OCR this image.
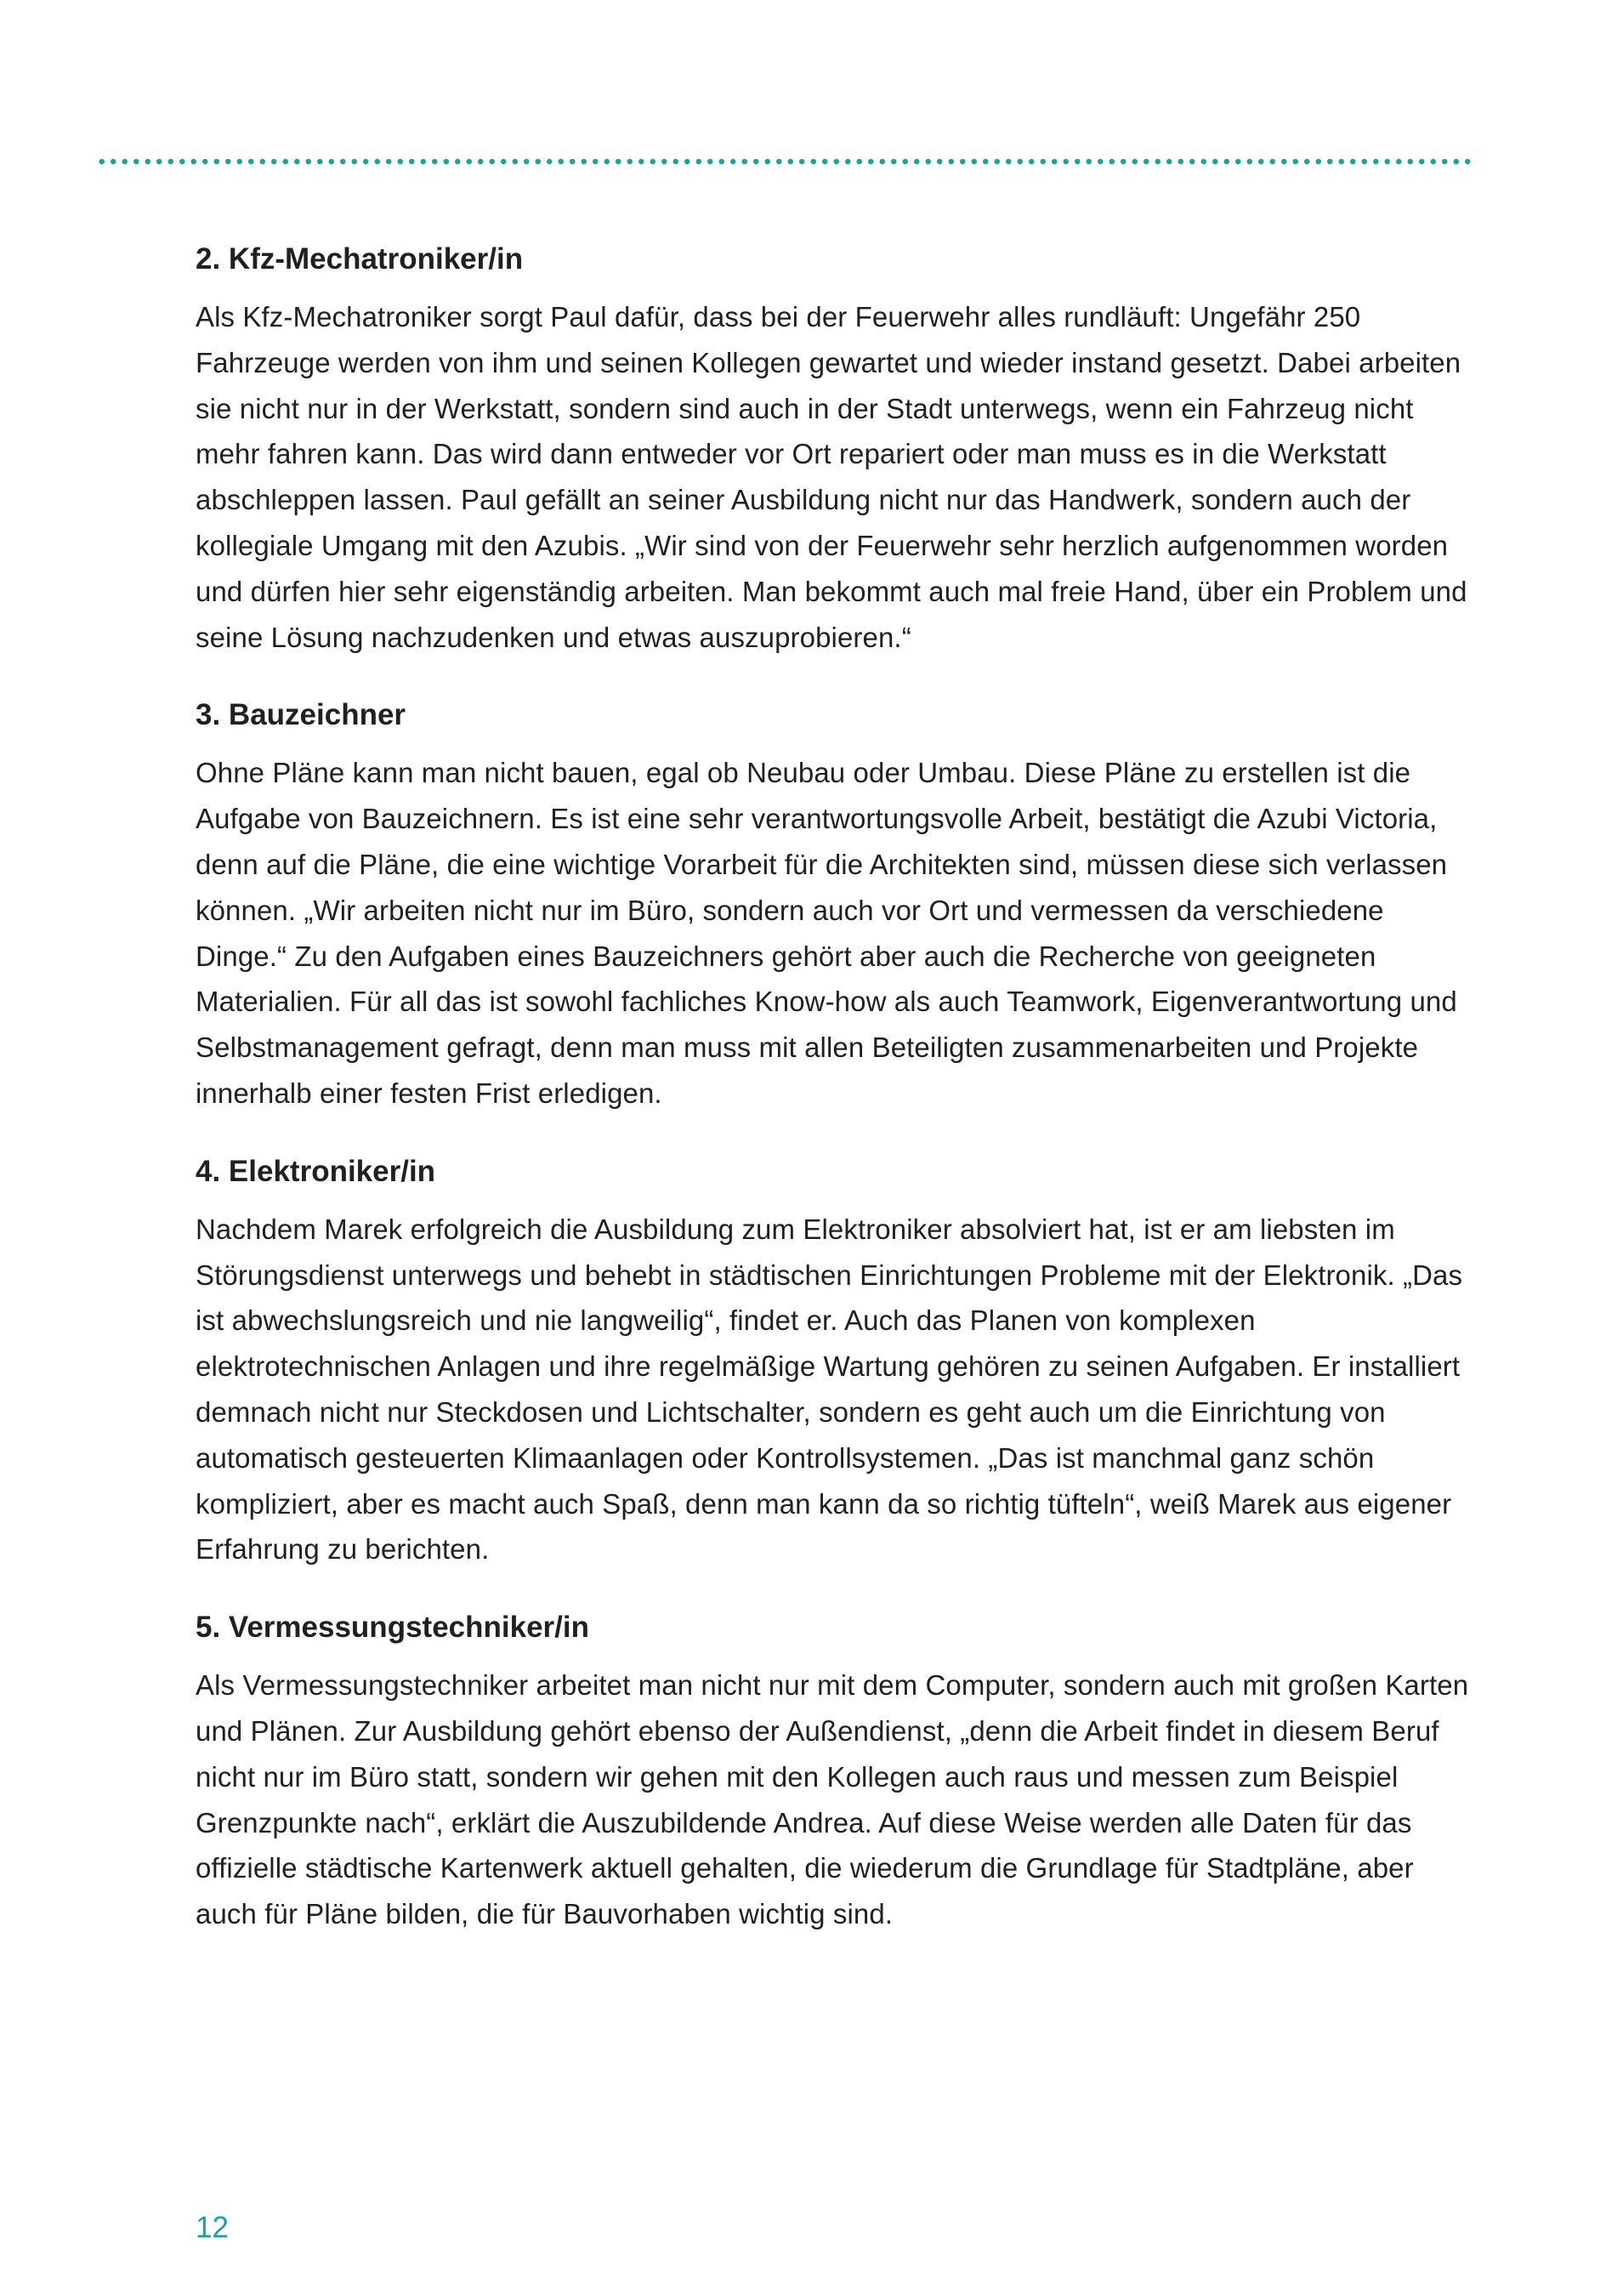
2. Kfz-Mechatroniker/in

Als Kfz-Mechatroniker sorgt Paul dafür, dass bei der Feuerwehr alles rundläuft: Ungefähr 250 Fahrzeuge werden von ihm und seinen Kollegen gewartet und wieder instand gesetzt. Dabei arbeiten sie nicht nur in der Werkstatt, sondern sind auch in der Stadt unterwegs, wenn ein Fahrzeug nicht mehr fahren kann. Das wird dann entweder vor Ort repariert oder man muss es in die Werkstatt abschleppen lassen. Paul gefällt an seiner Ausbildung nicht nur das Handwerk, sondern auch der kollegiale Umgang mit den Azubis. „Wir sind von der Feuerwehr sehr herzlich aufgenommen worden und dürfen hier sehr eigenständig arbeiten. Man bekommt auch mal freie Hand, über ein Problem und seine Lösung nachzudenken und etwas auszuprobieren.“

3. Bauzeichner

Ohne Pläne kann man nicht bauen, egal ob Neubau oder Umbau. Diese Pläne zu erstellen ist die Aufgabe von Bauzeichnern. Es ist eine sehr verantwortungsvolle Arbeit, bestätigt die Azubi Victoria, denn auf die Pläne, die eine wichtige Vorarbeit für die Architekten sind, müssen diese sich verlassen können. „Wir arbeiten nicht nur im Büro, sondern auch vor Ort und vermessen da verschiedene Dinge.“ Zu den Aufgaben eines Bauzeichners gehört aber auch die Recherche von geeigneten Materialien. Für all das ist sowohl fachliches Know-how als auch Teamwork, Eigenverantwortung und Selbstmanagement gefragt, denn man muss mit allen Beteiligten zusammenarbeiten und Projekte innerhalb einer festen Frist erledigen.

4. Elektroniker/in

Nachdem Marek erfolgreich die Ausbildung zum Elektroniker absolviert hat, ist er am liebsten im Störungsdienst unterwegs und behebt in städtischen Einrichtungen Probleme mit der Elektronik. „Das ist abwechslungsreich und nie langweilig“, findet er. Auch das Planen von komplexen elektrotechnischen Anlagen und ihre regelmäßige Wartung gehören zu seinen Aufgaben. Er installiert demnach nicht nur Steckdosen und Lichtschalter, sondern es geht auch um die Einrichtung von automatisch gesteuerten Klimaanlagen oder Kontrollsystemen. „Das ist manchmal ganz schön kompliziert, aber es macht auch Spaß, denn man kann da so richtig tüfteln“, weiß Marek aus eigener Erfahrung zu berichten.

5. Vermessungstechniker/in

Als Vermessungstechniker arbeitet man nicht nur mit dem Computer, sondern auch mit großen Karten und Plänen. Zur Ausbildung gehört ebenso der Außendienst, „denn die Arbeit findet in diesem Beruf nicht nur im Büro statt, sondern wir gehen mit den Kollegen auch raus und messen zum Beispiel Grenzpunkte nach“, erklärt die Auszubildende Andrea. Auf diese Weise werden alle Daten für das offizielle städtische Kartenwerk aktuell gehalten, die wiederum die Grundlage für Stadtpläne, aber auch für Pläne bilden, die für Bauvorhaben wichtig sind.

12
